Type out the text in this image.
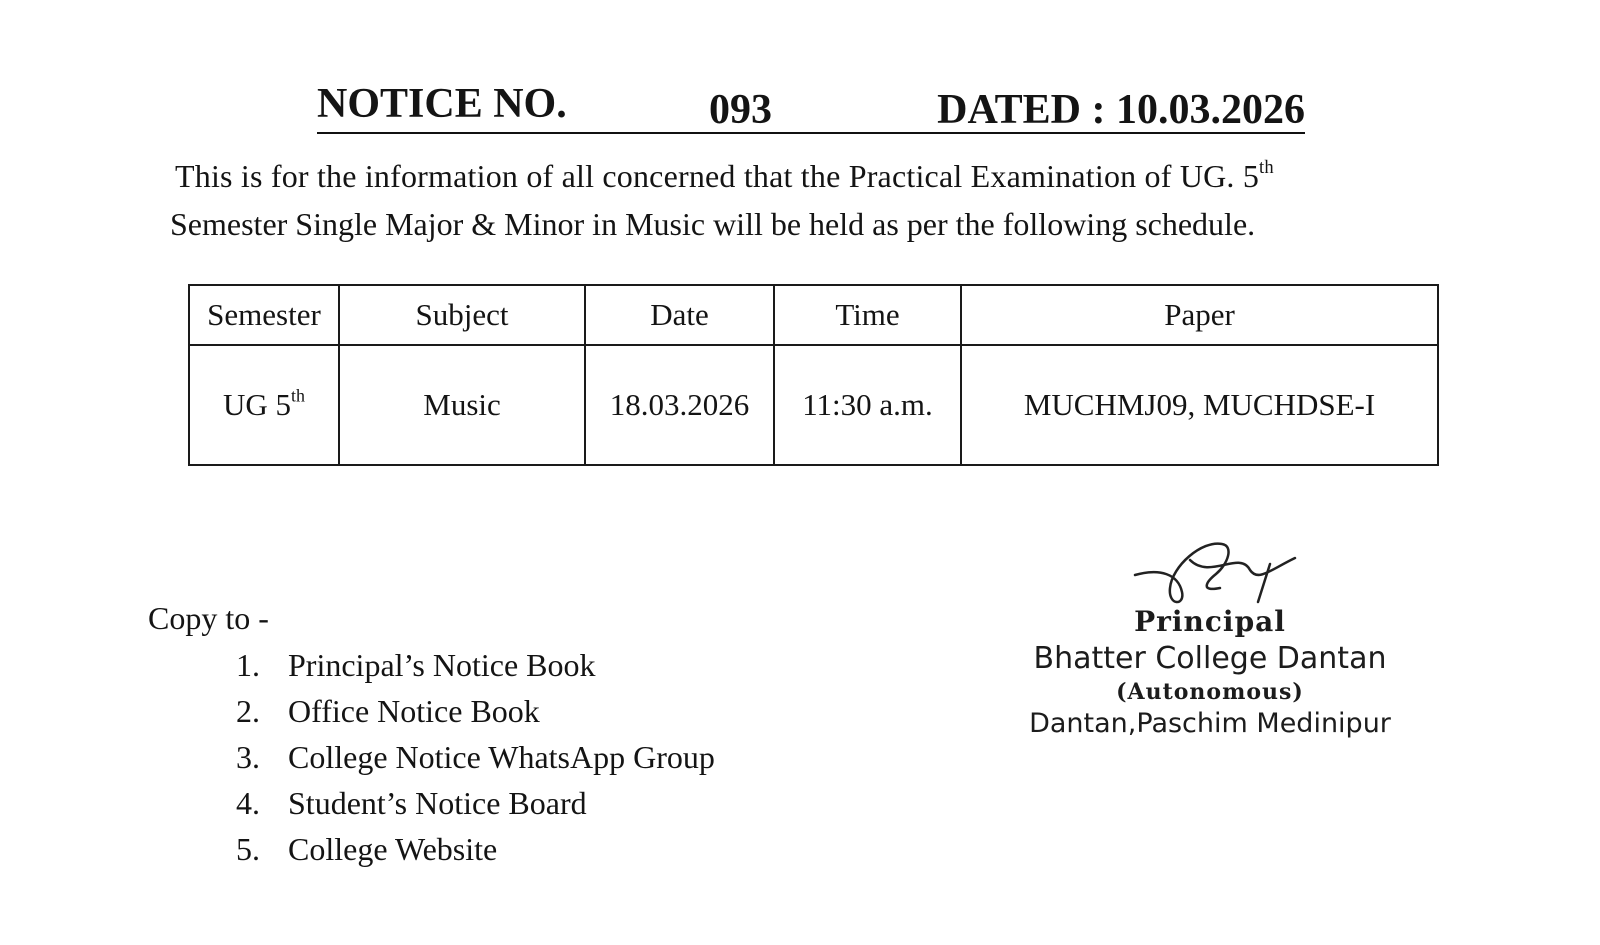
NOTICE NO.	093	DATED : 10.03.2026
This is for the information of all concerned that the Practical Examination of UG. 5th
Semester Single Major & Minor in Music will be held as per the following schedule.
Semester	Subject	Date	Time	Paper
UG 5th	Music	18.03.2026	11:30 a.m.	MUCHMJ09, MUCHDSE-I
Copy to -
1. Principal’s Notice Book
2. Office Notice Book
3. College Notice WhatsApp Group
4. Student’s Notice Board
5. College Website
Principal
Bhatter College Dantan
(Autonomous)
Dantan,Paschim Medinipur
